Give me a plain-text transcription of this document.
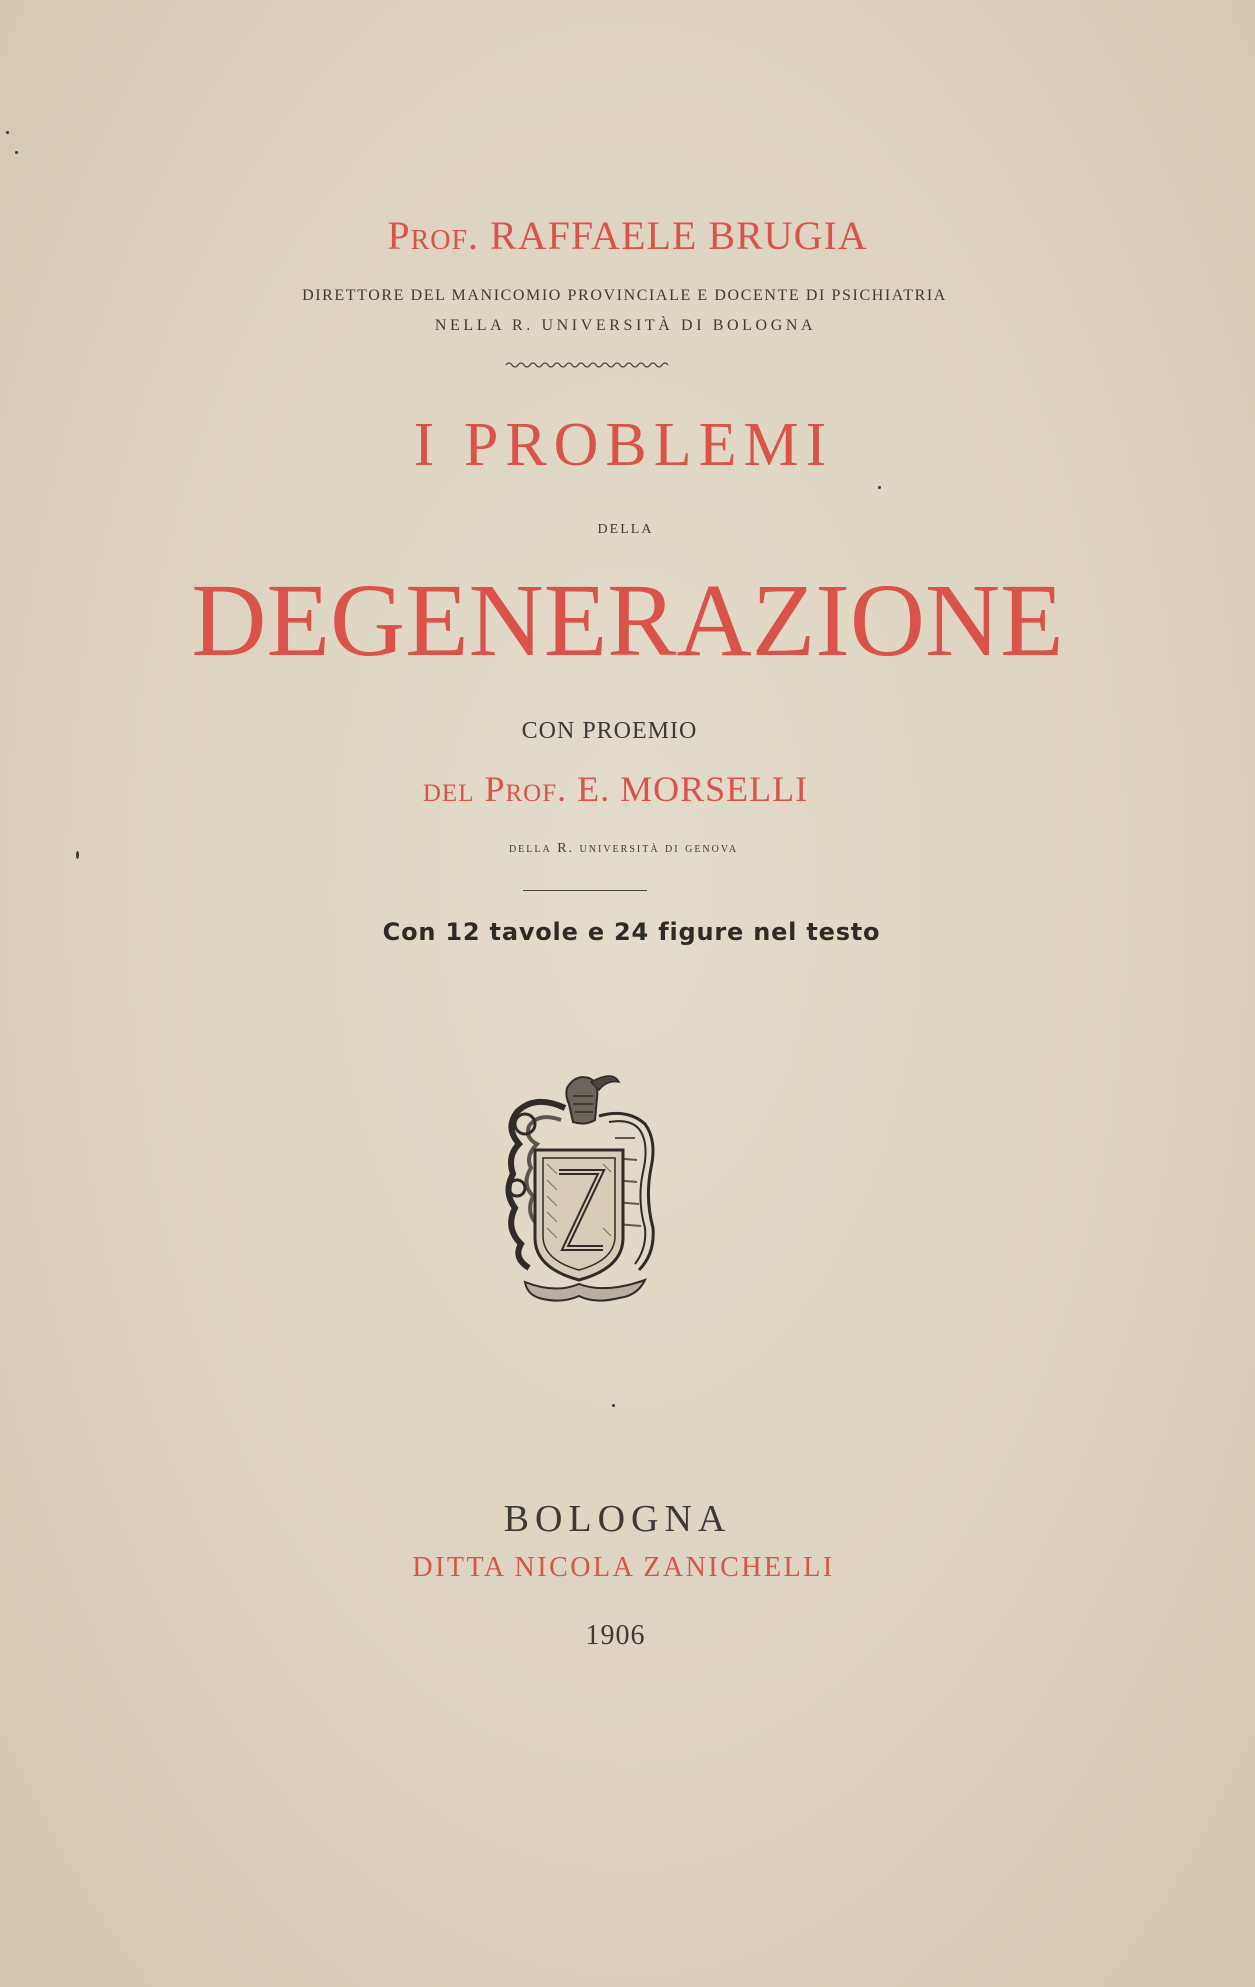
Prof. RAFFAELE BRUGIA

DIRETTORE DEL MANICOMIO PROVINCIALE E DOCENTE DI PSICHIATRIA

NELLA R. UNIVERSITÀ DI BOLOGNA

I PROBLEMI

della

DEGENERAZIONE

CON PROEMIO

del Prof. E. MORSELLI

della R. università di genova

Con 12 tavole e 24 figure nel testo

BOLOGNA

DITTA NICOLA ZANICHELLI

1906
